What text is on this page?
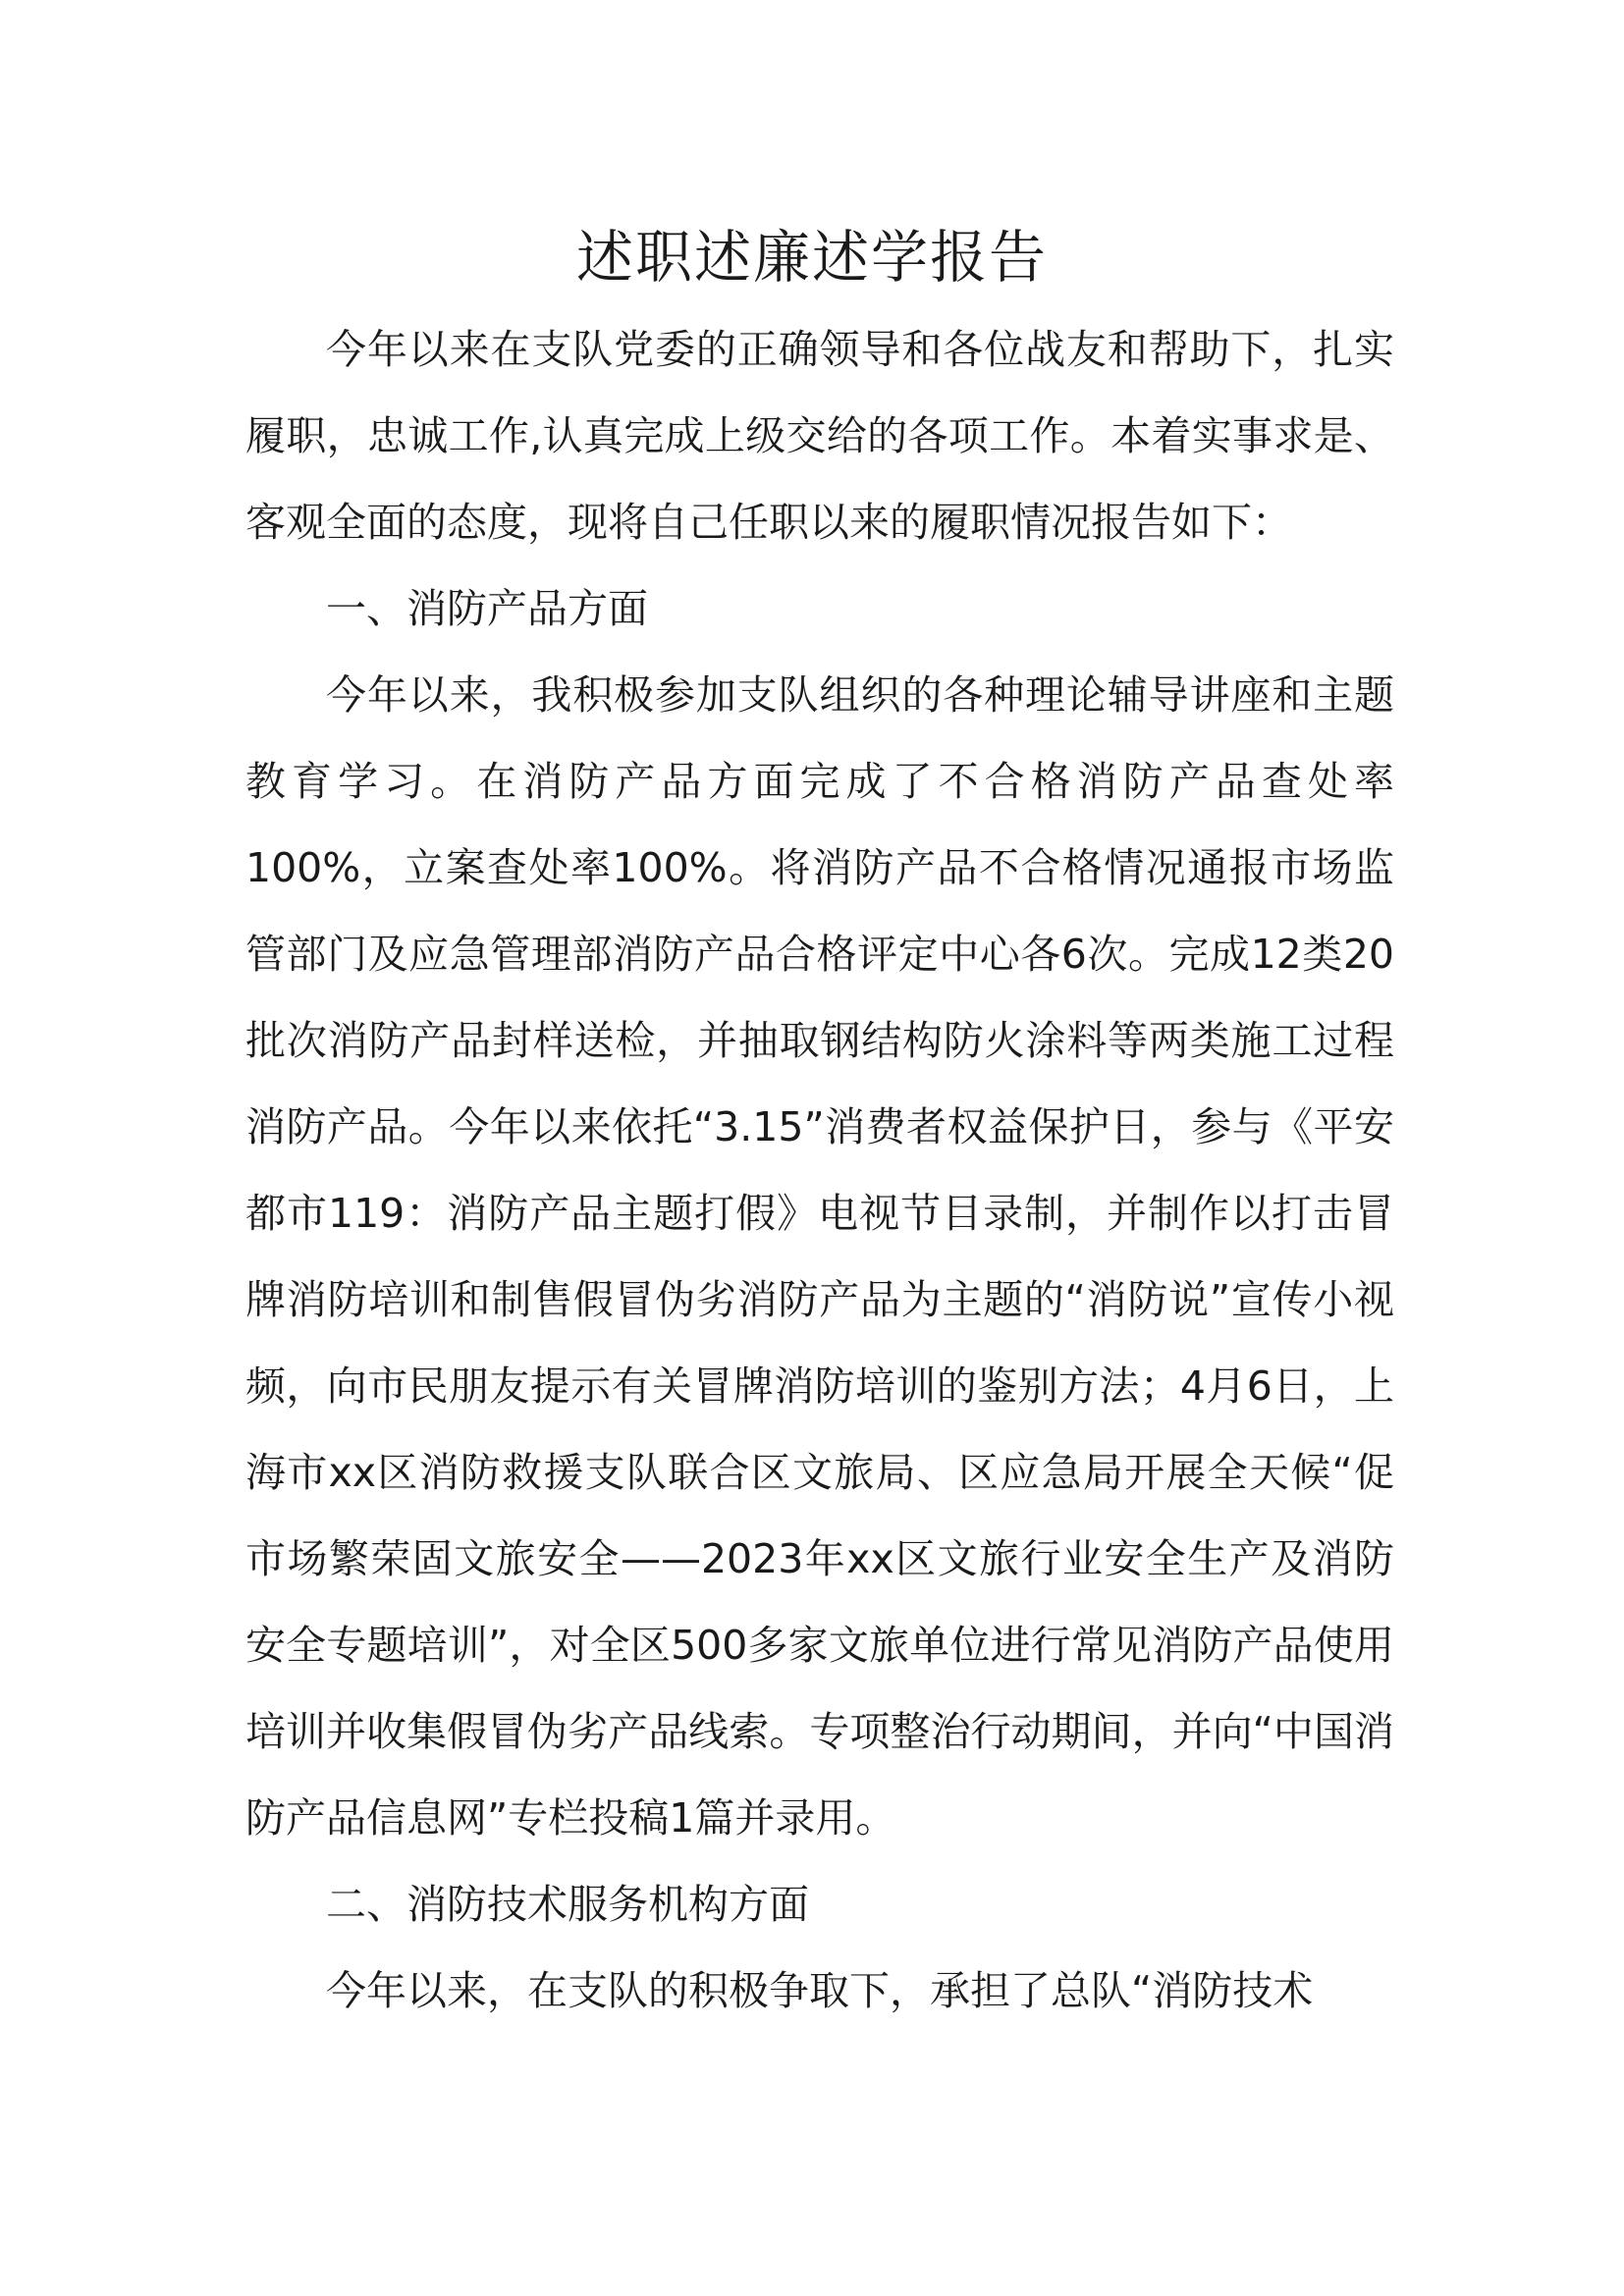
述职述廉述学报告

今年以来在支队党委的正确领导和各位战友和帮助下，扎实履职，忠诚工作,认真完成上级交给的各项工作。本着实事求是、客观全面的态度，现将自己任职以来的履职情况报告如下：

一、消防产品方面

今年以来，我积极参加支队组织的各种理论辅导讲座和主题教育学习。在消防产品方面完成了不合格消防产品查处率100%，立案查处率100%。将消防产品不合格情况通报市场监管部门及应急管理部消防产品合格评定中心各6次。完成12类20批次消防产品封样送检，并抽取钢结构防火涂料等两类施工过程消防产品。今年以来依托“3.15”消费者权益保护日，参与《平安都市119：消防产品主题打假》电视节目录制，并制作以打击冒牌消防培训和制售假冒伪劣消防产品为主题的“消防说”宣传小视频，向市民朋友提示有关冒牌消防培训的鉴别方法；4月6日，上海市xx区消防救援支队联合区文旅局、区应急局开展全天候“促市场繁荣固文旅安全——2023年xx区文旅行业安全生产及消防安全专题培训”，对全区500多家文旅单位进行常见消防产品使用培训并收集假冒伪劣产品线索。专项整治行动期间，并向“中国消防产品信息网”专栏投稿1篇并录用。

二、消防技术服务机构方面

今年以来，在支队的积极争取下，承担了总队“消防技术
